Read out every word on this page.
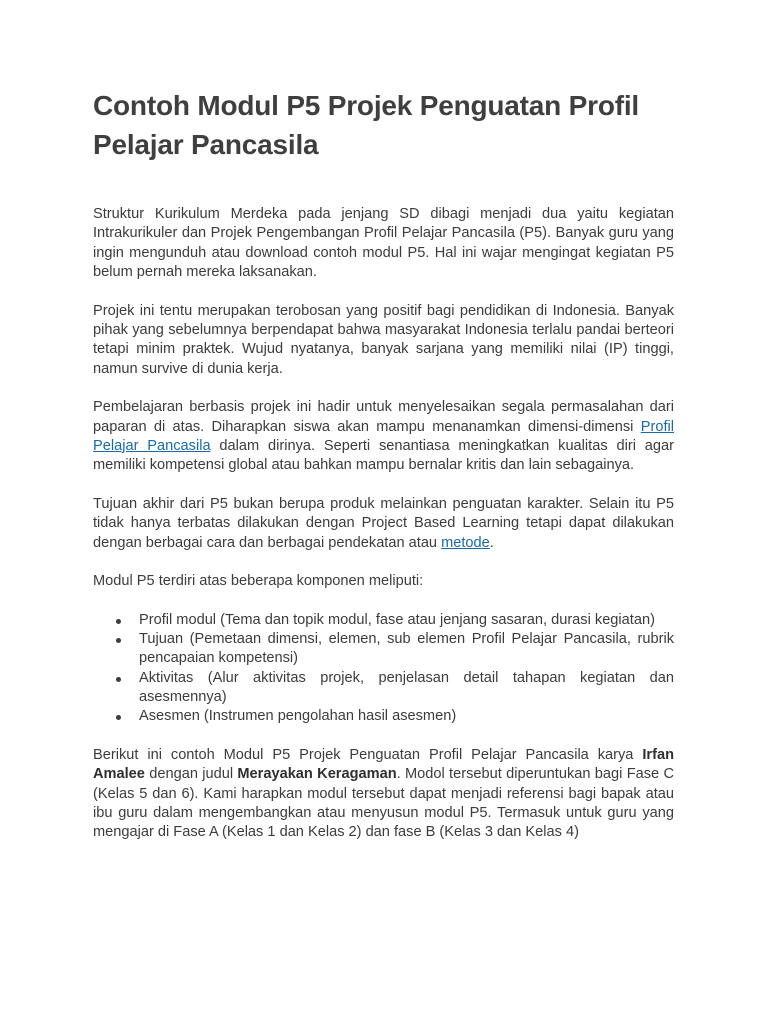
Contoh Modul P5 Projek Penguatan Profil Pelajar Pancasila

Struktur Kurikulum Merdeka pada jenjang SD dibagi menjadi dua yaitu kegiatan Intrakurikuler dan Projek Pengembangan Profil Pelajar Pancasila (P5). Banyak guru yang ingin mengunduh atau download contoh modul P5. Hal ini wajar mengingat kegiatan P5 belum pernah mereka laksanakan.

Projek ini tentu merupakan terobosan yang positif bagi pendidikan di Indonesia. Banyak pihak yang sebelumnya berpendapat bahwa masyarakat Indonesia terlalu pandai berteori tetapi minim praktek. Wujud nyatanya, banyak sarjana yang memiliki nilai (IP) tinggi, namun survive di dunia kerja.

Pembelajaran berbasis projek ini hadir untuk menyelesaikan segala permasalahan dari paparan di atas. Diharapkan siswa akan mampu menanamkan dimensi-dimensi Profil Pelajar Pancasila dalam dirinya. Seperti senantiasa meningkatkan kualitas diri agar memiliki kompetensi global atau bahkan mampu bernalar kritis dan lain sebagainya.

Tujuan akhir dari P5 bukan berupa produk melainkan penguatan karakter. Selain itu P5 tidak hanya terbatas dilakukan dengan Project Based Learning tetapi dapat dilakukan dengan berbagai cara dan berbagai pendekatan atau metode.

Modul P5 terdiri atas beberapa komponen meliputi:

Profil modul (Tema dan topik modul, fase atau jenjang sasaran, durasi kegiatan)
Tujuan (Pemetaan dimensi, elemen, sub elemen Profil Pelajar Pancasila, rubrik pencapaian kompetensi)
Aktivitas (Alur aktivitas projek, penjelasan detail tahapan kegiatan dan asesmennya)
Asesmen (Instrumen pengolahan hasil asesmen)

Berikut ini contoh Modul P5 Projek Penguatan Profil Pelajar Pancasila karya Irfan Amalee dengan judul Merayakan Keragaman. Modol tersebut diperuntukan bagi Fase C (Kelas 5 dan 6). Kami harapkan modul tersebut dapat menjadi referensi bagi bapak atau ibu guru dalam mengembangkan atau menyusun modul P5. Termasuk untuk guru yang mengajar di Fase A (Kelas 1 dan Kelas 2) dan fase B (Kelas 3 dan Kelas 4)
